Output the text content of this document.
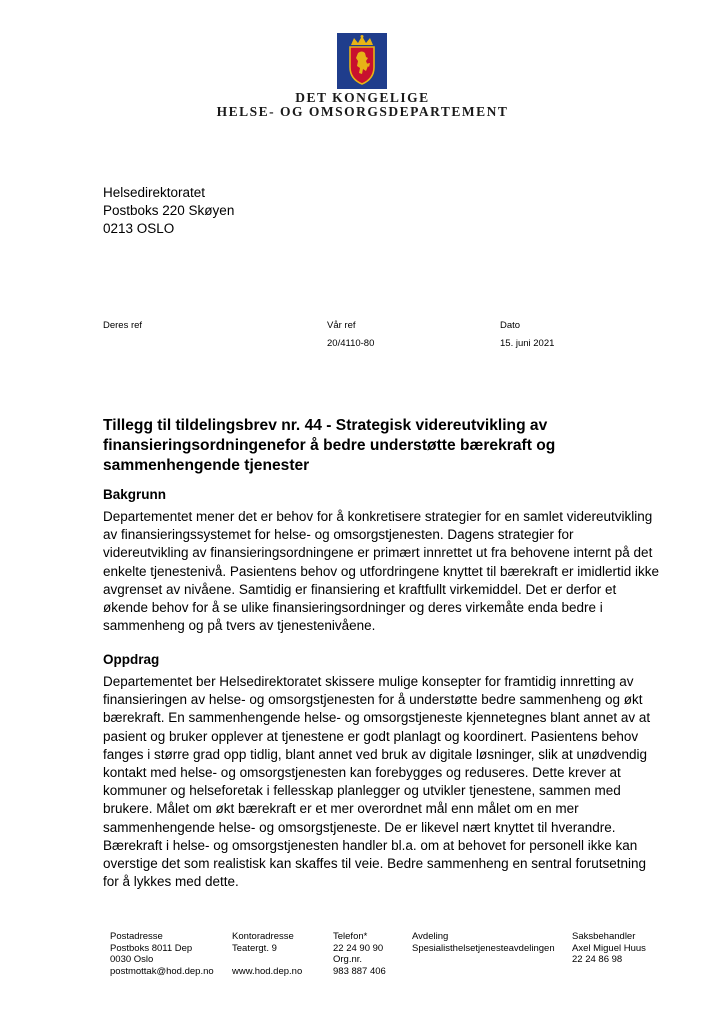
DET KONGELIGE
HELSE- OG OMSORGSDEPARTEMENT
Helsedirektoratet
Postboks 220 Skøyen
0213 OSLO
Deres ref	Vår ref
20/4110-80
Dato
15. juni 2021
Tillegg til tildelingsbrev nr. 44 - Strategisk videreutvikling av
finansieringsordningenefor å bedre understøtte bærekraft og
sammenhengende tjenester
Bakgrunn
Departementet mener det er behov for å konkretisere strategier for en samlet videreutvikling
av finansieringssystemet for helse- og omsorgstjenesten. Dagens strategier for
videreutvikling av finansieringsordningene er primært innrettet ut fra behovene internt på det
enkelte tjenestenivå. Pasientens behov og utfordringene knyttet til bærekraft er imidlertid ikke
avgrenset av nivåene. Samtidig er finansiering et kraftfullt virkemiddel. Det er derfor et
økende behov for å se ulike finansieringsordninger og deres virkemåte enda bedre i
sammenheng og på tvers av tjenestenivåene.
Oppdrag
Departementet ber Helsedirektoratet skissere mulige konsepter for framtidig innretting av
finansieringen av helse- og omsorgstjenesten for å understøtte bedre sammenheng og økt
bærekraft. En sammenhengende helse- og omsorgstjeneste kjennetegnes blant annet av at
pasient og bruker opplever at tjenestene er godt planlagt og koordinert. Pasientens behov
fanges i større grad opp tidlig, blant annet ved bruk av digitale løsninger, slik at unødvendig
kontakt med helse- og omsorgstjenesten kan forebygges og reduseres. Dette krever at
kommuner og helseforetak i fellesskap planlegger og utvikler tjenestene, sammen med
brukere. Målet om økt bærekraft er et mer overordnet mål enn målet om en mer
sammenhengende helse- og omsorgstjeneste. De er likevel nært knyttet til hverandre.
Bærekraft i helse- og omsorgstjenesten handler bl.a. om at behovet for personell ikke kan
overstige det som realistisk kan skaffes til veie. Bedre sammenheng en sentral forutsetning
for å lykkes med dette.
Postadresse
Postboks 8011 Dep
0030 Oslo
postmottak@hod.dep.no
Kontoradresse
Teatergt. 9
www.hod.dep.no
Telefon*
22 24 90 90
Org.nr.
983 887 406
Avdeling
Spesialisthelsetjenesteavdelingen
Saksbehandler
Axel Miguel Huus
22 24 86 98
